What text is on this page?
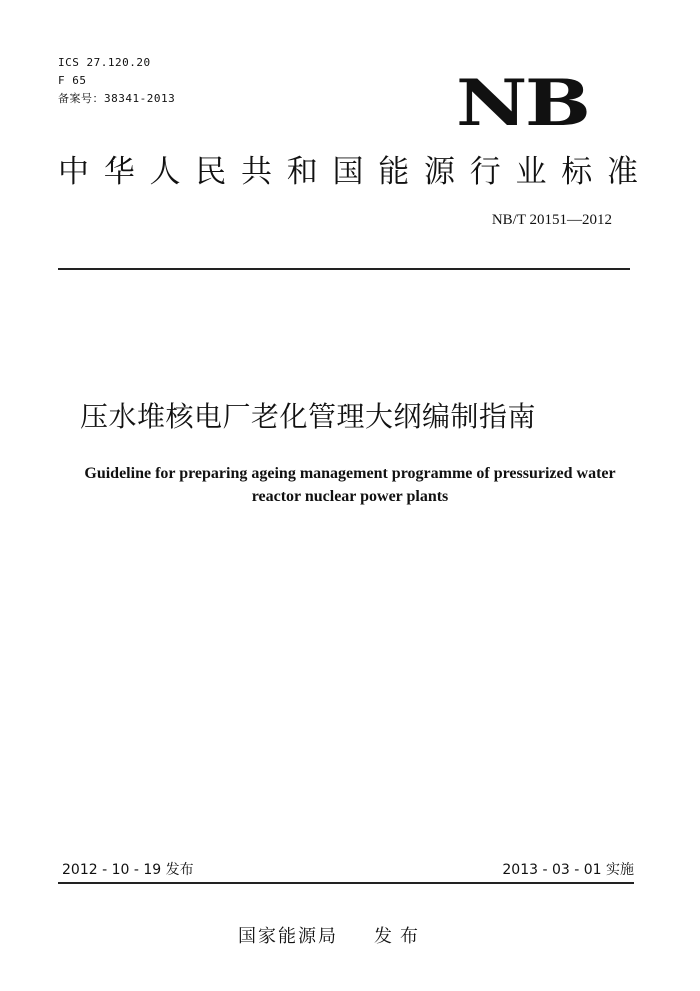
ICS 27.120.20
F 65
备案号：38341-2013	NB
中 华 人 民 共 和 国 能 源 行 业 标 准
NB/T 20151—2012
压水堆核电厂老化管理大纲编制指南
Guideline for preparing ageing management programme of pressurized water
reactor nuclear power plants
2012 - 10 - 19 发布	2013 - 03 - 01 实施
国家能源局 发布
